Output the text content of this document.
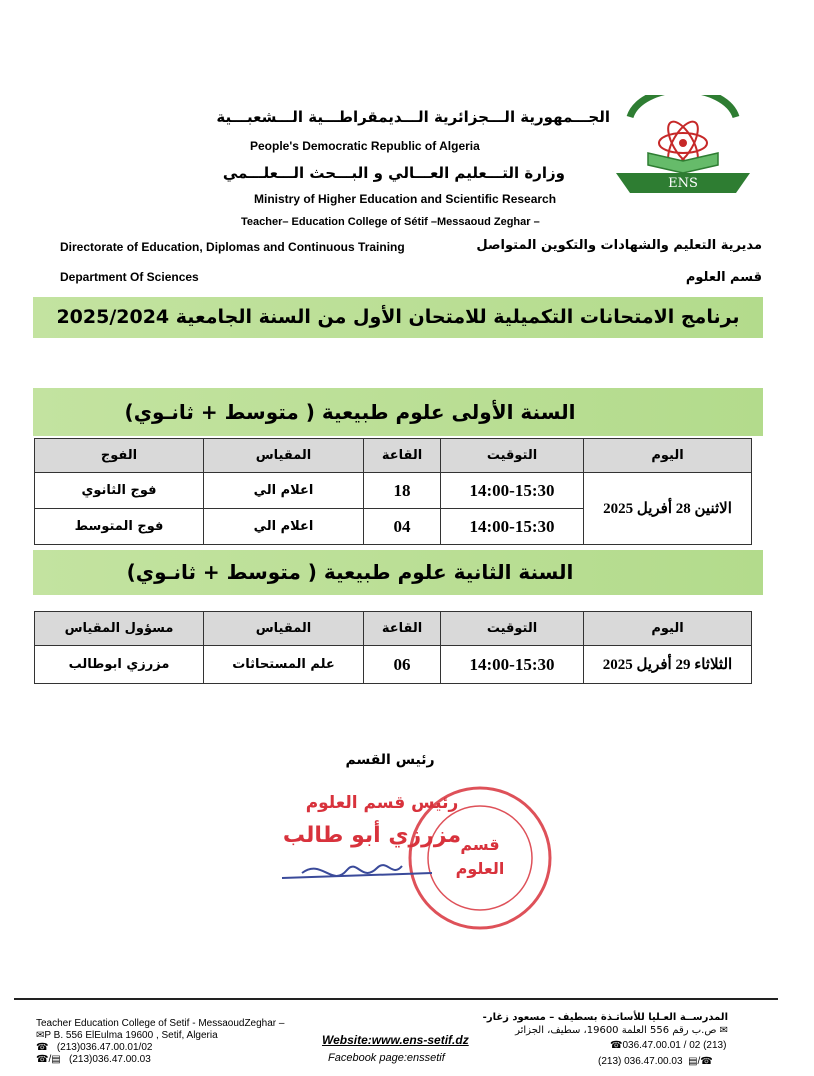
الجـــمهورية الـــجزائرية الـــديمقراطـــية الـــشعبـــية
People's Democratic Republic of Algeria
وزارة التـــعليم العـــالي و البـــحث الـــعلـــمي
Ministry of Higher Education and Scientific Research
Teacher– Education College of Sétif –Messaoud Zeghar –
Directorate of Education, Diplomas and Continuous Training	مديرية التعليم والشهادات والتكوين المتواصل
Department Of Sciences	قسم العلوم
ENS
برنامج الامتحانات التكميلية للامتحان الأول من السنة الجامعية 2025/2024
السنة الأولى علوم طبيعية ( متوسط + ثانـوي)
اليوم	التوقيت	القاعة	المقياس	الفوج
الاثنين 28 أفريل 2025	14:00-15:30	18	اعلام الي	فوج الثانوي
	14:00-15:30	04	اعلام الي	فوج المتوسط
السنة الثانية علوم طبيعية ( متوسط + ثانـوي)
اليوم	التوقيت	القاعة	المقياس	مسؤول المقياس
الثلاثاء 29 أفريل 2025	14:00-15:30	06	علم المستحاثات	مزرزي ابوطالب
رئيس القسم
قسم
العلوم
رئيس قسم العلوم
مزرزي أبو طالب
Teacher Education College of Setif - MessaoudZeghar –
✉P B. 556 ElEulma 19600 , Setif, Algeria
☎ (213)036.47.00.01/02
☎/▤ (213)036.47.00.03
Website:www.ens-setif.dz
Facebook page:enssetif
المدرســة العـليا للأساتـذة بسطيف – مسعود زغار-
✉ ص.ب رقم 556 العلمة 19600، سطيف، الجزائر
☎036.47.00.01 / 02 (213)
(213) 036.47.00.03 ▤/☎
